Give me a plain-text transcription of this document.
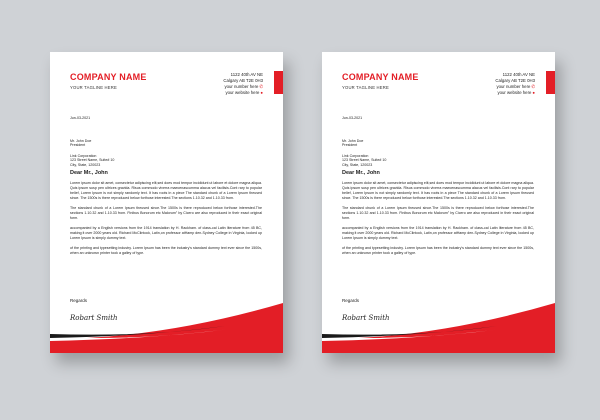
COMPANY NAME
YOUR TAGLINE HERE
1122 40th AV NE
Calgary AB T2E 0H3
your number here✆
your website here●
Jun-03-2021
Mr. John Doe
President
Link Corporation
123 Street Name, Suite# 10
City, State, 120023
Dear Mr., John

Lorem ipsum dolor sit amet, consectetur adipiscing elit,sed does mod tempor incididunt ut labore et dolore magna aliqua. Quis ipsum susp pen ultrices gravida. Risus commodo viverra maecenascumma alacus vel facilisis.Cont rary to popular belief, Lorem Ipsum is not simply randomly text. It has roots in a piece The standard chunk of a Lorem Ipsum theused since. The 1500s is there reproduced below forthose interested.The sections 1.10.32 and 1.10.33 from.

The standard chunk of a Lorem Ipsum theused since.The 1500s is there reproduced below forthose interested.The sections 1.10.32 and 1.10.33 from. Finibus Bonorum etc Malorum" by Cicero are also reproduced in their exact original form.

accompanied by a English versions from the 1914 translation by H. Rackham. of class-cal Latin literature from 45 BC, making it over 2000 years old. Richard McClintock, Latin,on professor atHamp den-Sydney College in Virginia, looked up Lorem Ipsum is simply dummy text.

of the printing and typesetting industry. Lorem Ipsum has been the industry's standard dummy text ever since the 1500s, when an unknown printer took a galley of type.

Regards
Robart Smith
COMPANY NAME
YOUR TAGLINE HERE
1122 40th AV NE
Calgary AB T2E 0H3
your number here✆
your website here●
Jun-03-2021
Mr. John Doe
President
Link Corporation
123 Street Name, Suite# 10
City, State, 120023
Dear Mr., John

Lorem ipsum dolor sit amet, consectetur adipiscing elit,sed does mod tempor incididunt ut labore et dolore magna aliqua. Quis ipsum susp pen ultrices gravida. Risus commodo viverra maecenascumma alacus vel facilisis.Cont rary to popular belief, Lorem Ipsum is not simply randomly text. It has roots in a piece The standard chunk of a Lorem Ipsum theused since. The 1500s is there reproduced below forthose interested.The sections 1.10.32 and 1.10.33 from.

The standard chunk of a Lorem Ipsum theused since.The 1500s is there reproduced below forthose interested.The sections 1.10.32 and 1.10.33 from. Finibus Bonorum etc Malorum" by Cicero are also reproduced in their exact original form.

accompanied by a English versions from the 1914 translation by H. Rackham. of class-cal Latin literature from 45 BC, making it over 2000 years old. Richard McClintock, Latin,on professor atHamp den-Sydney College in Virginia, looked up Lorem Ipsum is simply dummy text.

of the printing and typesetting industry. Lorem Ipsum has been the industry's standard dummy text ever since the 1500s, when an unknown printer took a galley of type.

Regards
Robart Smith
